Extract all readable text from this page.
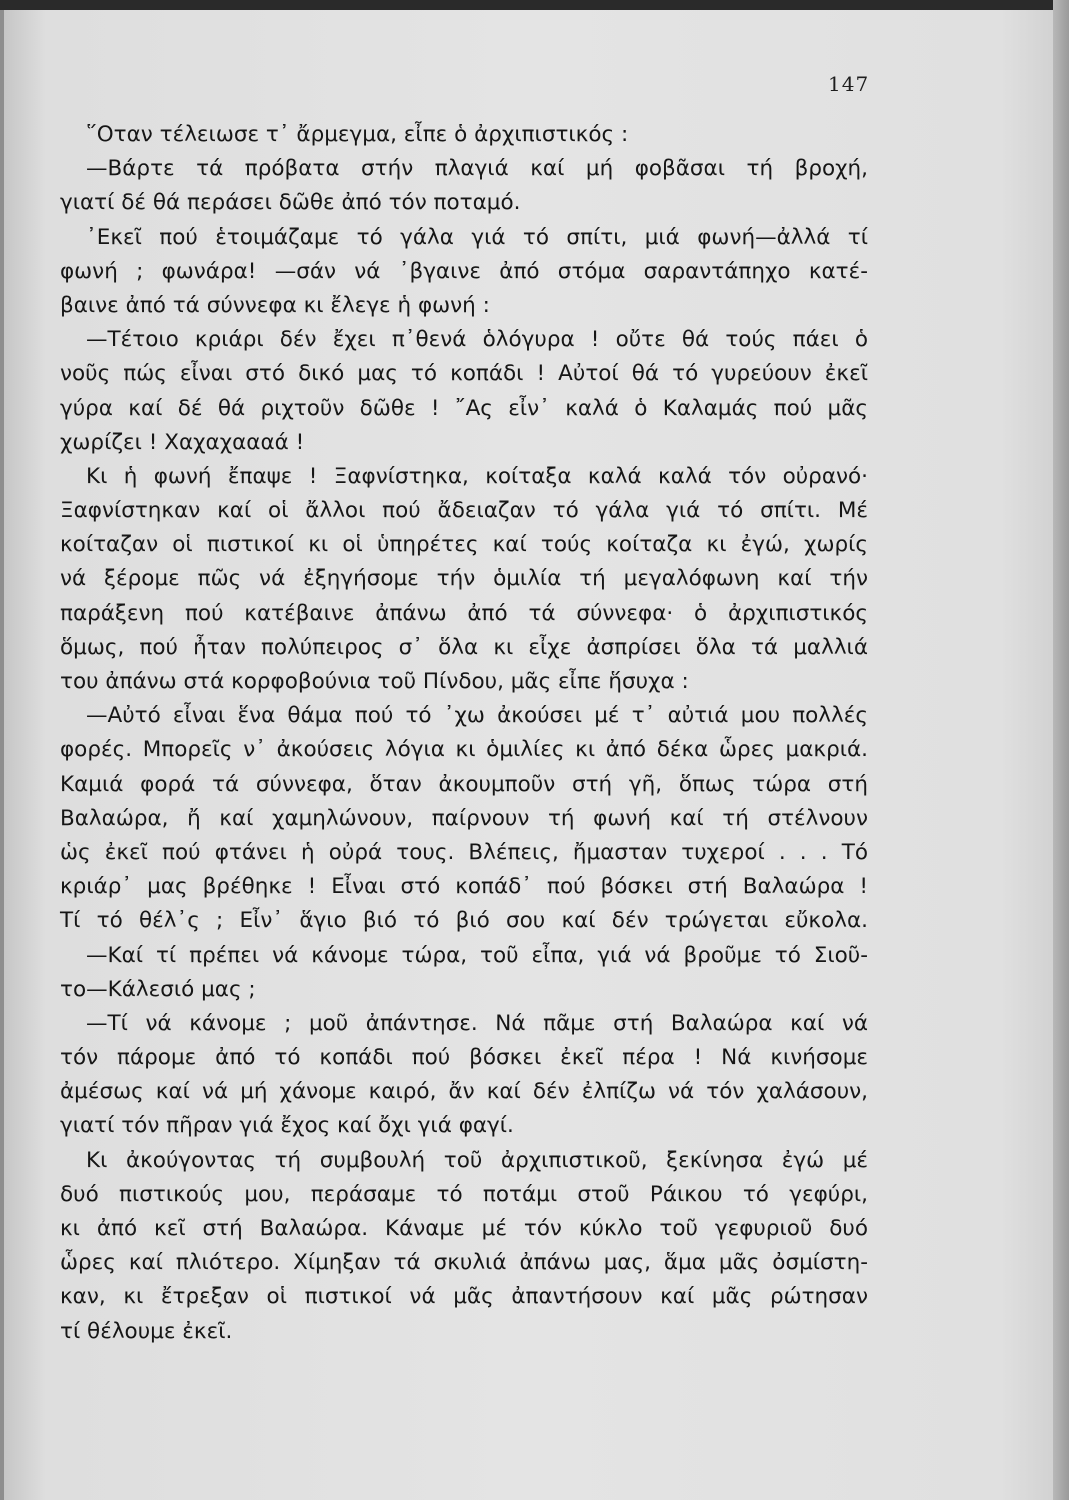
147
῞Οταν τέλειωσε τ᾽ ἄρμεγμα, εἶπε ὁ ἀρχιπιστικός :
—Βάρτε τά πρόβατα στήν πλαγιά καί μή φοβᾶσαι τή βροχή,
γιατί δέ θά περάσει δῶθε ἀπό τόν ποταμό.
᾽Εκεῖ πού ἑτοιμάζαμε τό γάλα γιά τό σπίτι, μιά φωνή—ἀλλά τί
φωνή ; φωνάρα! —σάν νά ᾽βγαινε ἀπό στόμα σαραντάπηχο κατέ-
βαινε ἀπό τά σύννεφα κι ἔλεγε ἡ φωνή :
—Τέτοιο κριάρι δέν ἔχει π᾽θενά ὁλόγυρα ! οὔτε θά τούς πάει ὁ
νοῦς πώς εἶναι στό δικό μας τό κοπάδι ! Αὐτοί θά τό γυρεύουν ἐκεῖ
γύρα καί δέ θά ριχτοῦν δῶθε ! ῎Ας εἶν᾽ καλά ὁ Καλαμάς πού μᾶς
χωρίζει ! Χαχαχαααά !
Κι ἡ φωνή ἔπαψε ! Ξαφνίστηκα, κοίταξα καλά καλά τόν οὐρανό·
Ξαφνίστηκαν καί οἱ ἄλλοι πού ἄδειαζαν τό γάλα γιά τό σπίτι. Μέ
κοίταζαν οἱ πιστικοί κι οἱ ὑπηρέτες καί τούς κοίταζα κι ἐγώ, χωρίς
νά ξέρομε πῶς νά ἐξηγήσομε τήν ὁμιλία τή μεγαλόφωνη καί τήν
παράξενη πού κατέβαινε ἀπάνω ἀπό τά σύννεφα· ὁ ἀρχιπιστικός
ὅμως, πού ἦταν πολύπειρος σ᾽ ὅλα κι εἶχε ἀσπρίσει ὅλα τά μαλλιά
του ἀπάνω στά κορφοβούνια τοῦ Πίνδου, μᾶς εἶπε ἥσυχα :
—Αὐτό εἶναι ἕνα θάμα πού τό ᾽χω ἀκούσει μέ τ᾽ αὐτιά μου πολλές
φορές. Μπορεῖς ν᾽ ἀκούσεις λόγια κι ὁμιλίες κι ἀπό δέκα ὧρες μακριά.
Καμιά φορά τά σύννεφα, ὅταν ἀκουμποῦν στή γῆ, ὅπως τώρα στή
Βαλαώρα, ἤ καί χαμηλώνουν, παίρνουν τή φωνή καί τή στέλνουν
ὡς ἐκεῖ πού φτάνει ἡ οὐρά τους. Βλέπεις, ἤμασταν τυχεροί . . . Τό
κριάρ᾽ μας βρέθηκε ! Εἶναι στό κοπάδ᾽ πού βόσκει στή Βαλαώρα !
Τί τό θέλ᾽ς ; Εἶν᾽ ἅγιο βιό τό βιό σου καί δέν τρώγεται εὔκολα.
—Καί τί πρέπει νά κάνομε τώρα, τοῦ εἶπα, γιά νά βροῦμε τό Σιοῦ-
το—Κάλεσιό μας ;
—Τί νά κάνομε ; μοῦ ἀπάντησε. Νά πᾶμε στή Βαλαώρα καί νά
τόν πάρομε ἀπό τό κοπάδι πού βόσκει ἐκεῖ πέρα ! Νά κινήσομε
ἀμέσως καί νά μή χάνομε καιρό, ἄν καί δέν ἐλπίζω νά τόν χαλάσουν,
γιατί τόν πῆραν γιά ἔχος καί ὄχι γιά φαγί.
Κι ἀκούγοντας τή συμβουλή τοῦ ἀρχιπιστικοῦ, ξεκίνησα ἐγώ μέ
δυό πιστικούς μου, περάσαμε τό ποτάμι στοῦ Ράικου τό γεφύρι,
κι ἀπό κεῖ στή Βαλαώρα. Κάναμε μέ τόν κύκλο τοῦ γεφυριοῦ δυό
ὧρες καί πλιότερο. Χίμηξαν τά σκυλιά ἀπάνω μας, ἅμα μᾶς ὀσμίστη-
καν, κι ἔτρεξαν οἱ πιστικοί νά μᾶς ἀπαντήσουν καί μᾶς ρώτησαν
τί θέλουμε ἐκεῖ.
